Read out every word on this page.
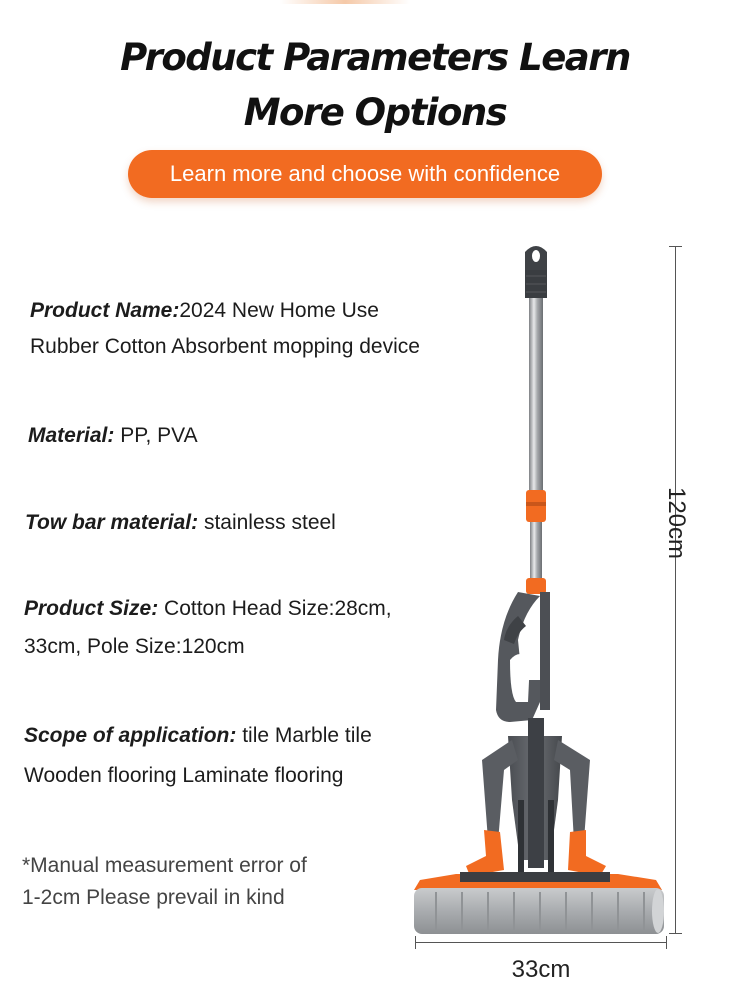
Product Parameters Learn
More Options
Learn more and choose with confidence
Product Name:2024 New Home Use
Rubber Cotton Absorbent mopping device
Material: PP, PVA
Tow bar material: stainless steel
Product Size: Cotton Head Size:28cm,
33cm, Pole Size:120cm
Scope of application: tile Marble tile
Wooden flooring Laminate flooring
*Manual measurement error of
1-2cm Please prevail in kind
120cm
33cm
